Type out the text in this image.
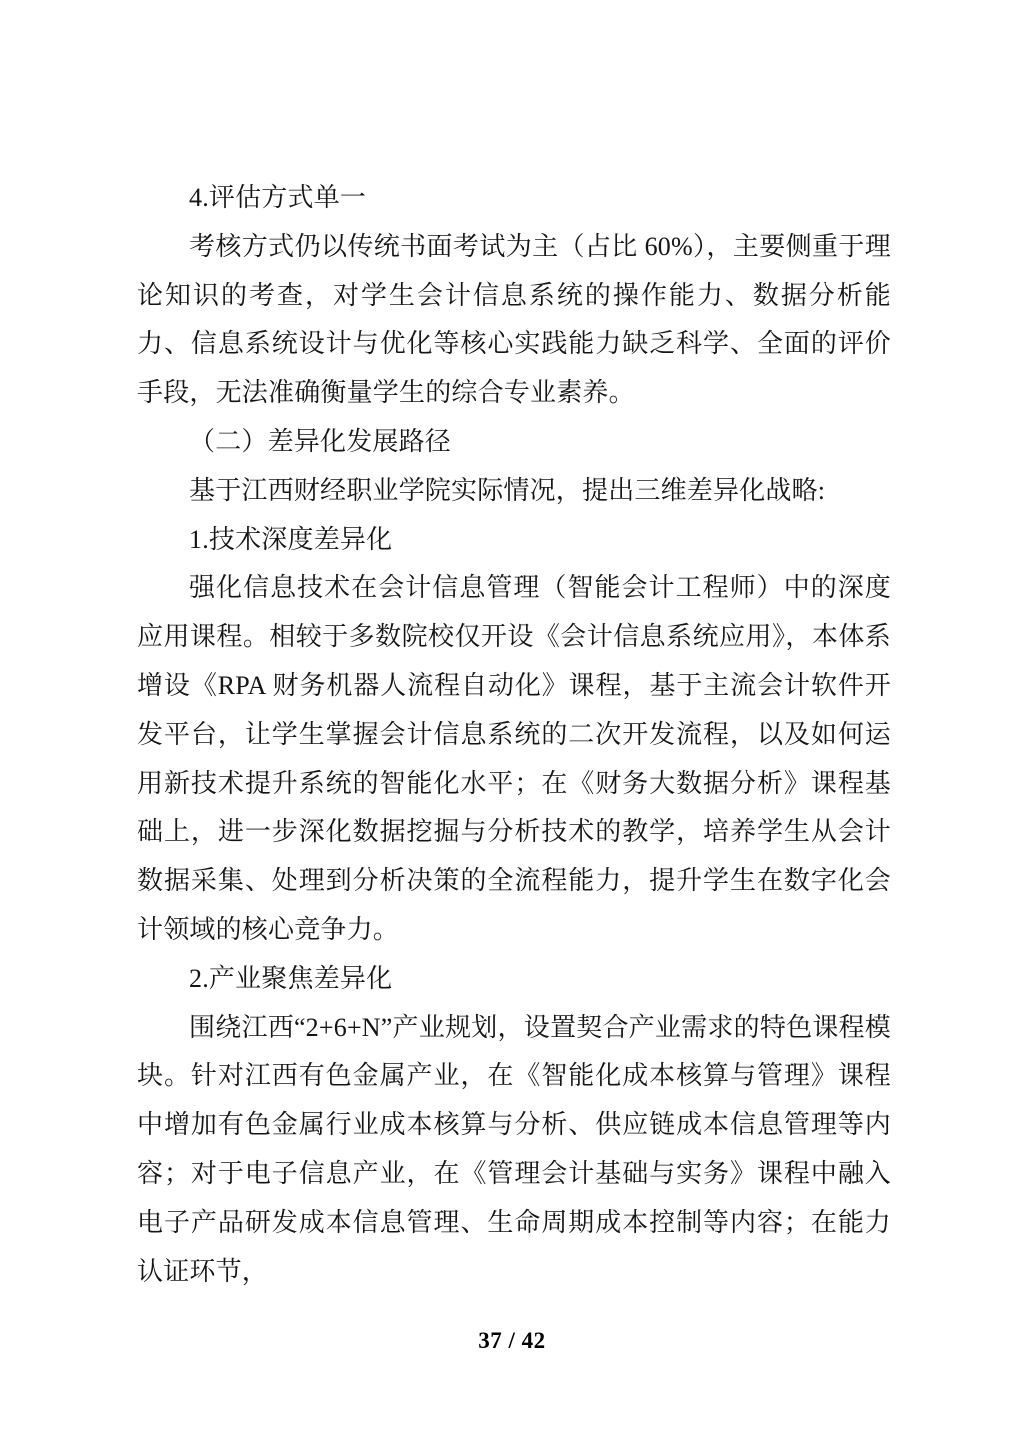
4.评估方式单一

考核方式仍以传统书面考试为主（占比 60%），主要侧重于理论知识的考查，对学生会计信息系统的操作能力、数据分析能力、信息系统设计与优化等核心实践能力缺乏科学、全面的评价手段，无法准确衡量学生的综合专业素养。

（二）差异化发展路径

基于江西财经职业学院实际情况，提出三维差异化战略:

1.技术深度差异化

强化信息技术在会计信息管理（智能会计工程师）中的深度应用课程。相较于多数院校仅开设《会计信息系统应用》，本体系增设《RPA 财务机器人流程自动化》课程，基于主流会计软件开发平台，让学生掌握会计信息系统的二次开发流程，以及如何运用新技术提升系统的智能化水平；在《财务大数据分析》课程基础上，进一步深化数据挖掘与分析技术的教学，培养学生从会计数据采集、处理到分析决策的全流程能力，提升学生在数字化会计领域的核心竞争力。

2.产业聚焦差异化

围绕江西“2+6+N”产业规划，设置契合产业需求的特色课程模块。针对江西有色金属产业，在《智能化成本核算与管理》课程中增加有色金属行业成本核算与分析、供应链成本信息管理等内容；对于电子信息产业，在《管理会计基础与实务》课程中融入电子产品研发成本信息管理、生命周期成本控制等内容；在能力认证环节，

37 / 42
